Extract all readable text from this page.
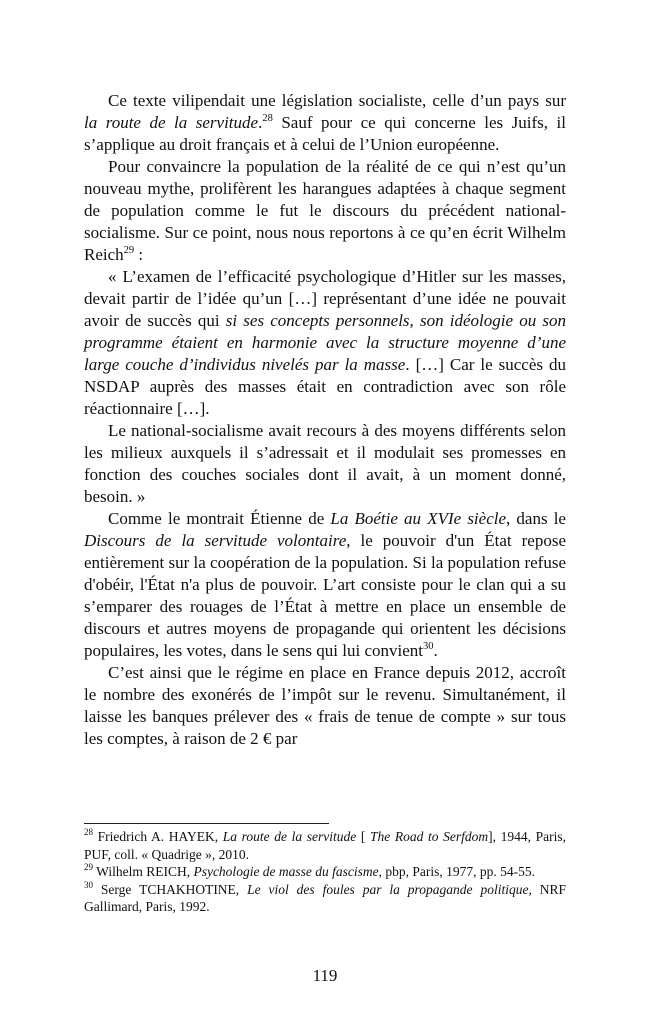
Ce texte vilipendait une législation socialiste, celle d’un pays sur la route de la servitude.$^{28}$ Sauf pour ce qui concerne les Juifs, il s’applique au droit français et à celui de l’Union européenne.

Pour convaincre la population de la réalité de ce qui n’est qu’un nouveau mythe, prolifèrent les harangues adaptées à chaque segment de population comme le fut le discours du précédent national-socialisme. Sur ce point, nous nous reportons à ce qu’en écrit Wilhelm Reich$^{29}$ :

« L’examen de l’efficacité psychologique d’Hitler sur les masses, devait partir de l’idée qu’un […] représentant d’une idée ne pouvait avoir de succès qui si ses concepts personnels, son idéologie ou son programme étaient en harmonie avec la structure moyenne d’une large couche d’individus nivelés par la masse. […] Car le succès du NSDAP auprès des masses était en contradiction avec son rôle réactionnaire […].

Le national-socialisme avait recours à des moyens différents selon les milieux auxquels il s’adressait et il modulait ses promesses en fonction des couches sociales dont il avait, à un moment donné, besoin. »

Comme le montrait Étienne de La Boétie au XVIe siècle, dans le Discours de la servitude volontaire, le pouvoir d'un État repose entièrement sur la coopération de la population. Si la population refuse d'obéir, l'État n'a plus de pouvoir. L’art consiste pour le clan qui a su s’emparer des rouages de l’État à mettre en place un ensemble de discours et autres moyens de propagande qui orientent les décisions populaires, les votes, dans le sens qui lui convient$^{30}$.

C’est ainsi que le régime en place en France depuis 2012, accroît le nombre des exonérés de l’impôt sur le revenu. Simultanément, il laisse les banques prélever des « frais de tenue de compte » sur tous les comptes, à raison de 2 € par

$^{28}$ Friedrich A. HAYEK, La route de la servitude [ The Road to Serfdom], 1944, Paris, PUF, coll. « Quadrige », 2010.

$^{29}$ Wilhelm REICH, Psychologie de masse du fascisme, pbp, Paris, 1977, pp. 54-55.

$^{30}$ Serge TCHAKHOTINE, Le viol des foules par la propagande politique, NRF Gallimard, Paris, 1992.

119
